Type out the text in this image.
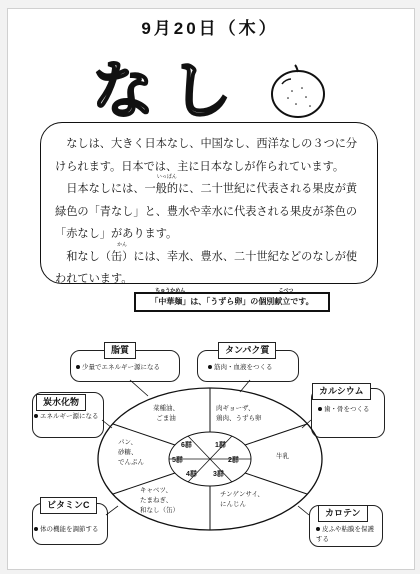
9月20日（木）
なし

なしは、大きく日本なし、中国なし、西洋なしの３つに分けられます。日本では、主に日本なしが作られています。

日本なしには、一般的
いっぱん
に、二十世紀に代表される果皮が黄緑色の「青なし」と、豊水や幸水に代表される果皮が茶色の「赤なし」があります。

和なし（缶
かん
）には、幸水、豊水、二十世紀などのなしが使われています。

「中華麺
ちゅうかめん
」は、「うずら卵」の個別献立です。
こべつ
脂質
少量でエネルギー源になる
タンパク質
筋肉・血液をつくる
炭水化物
エネルギー源になる
カルシウム
歯・骨をつくる
ビタミンC
体の機能を調節する
カロテン
皮ふや粘膜を保護する
6群	1群
2群
3群
4群
5群
菜種油、
ごま油
肉ギョーザ、
鶏肉、うずら卵
牛乳
チンゲンサイ、
にんじん
キャベツ、
たまねぎ、
和なし（缶）
パン、
砂糖、
でんぷん
